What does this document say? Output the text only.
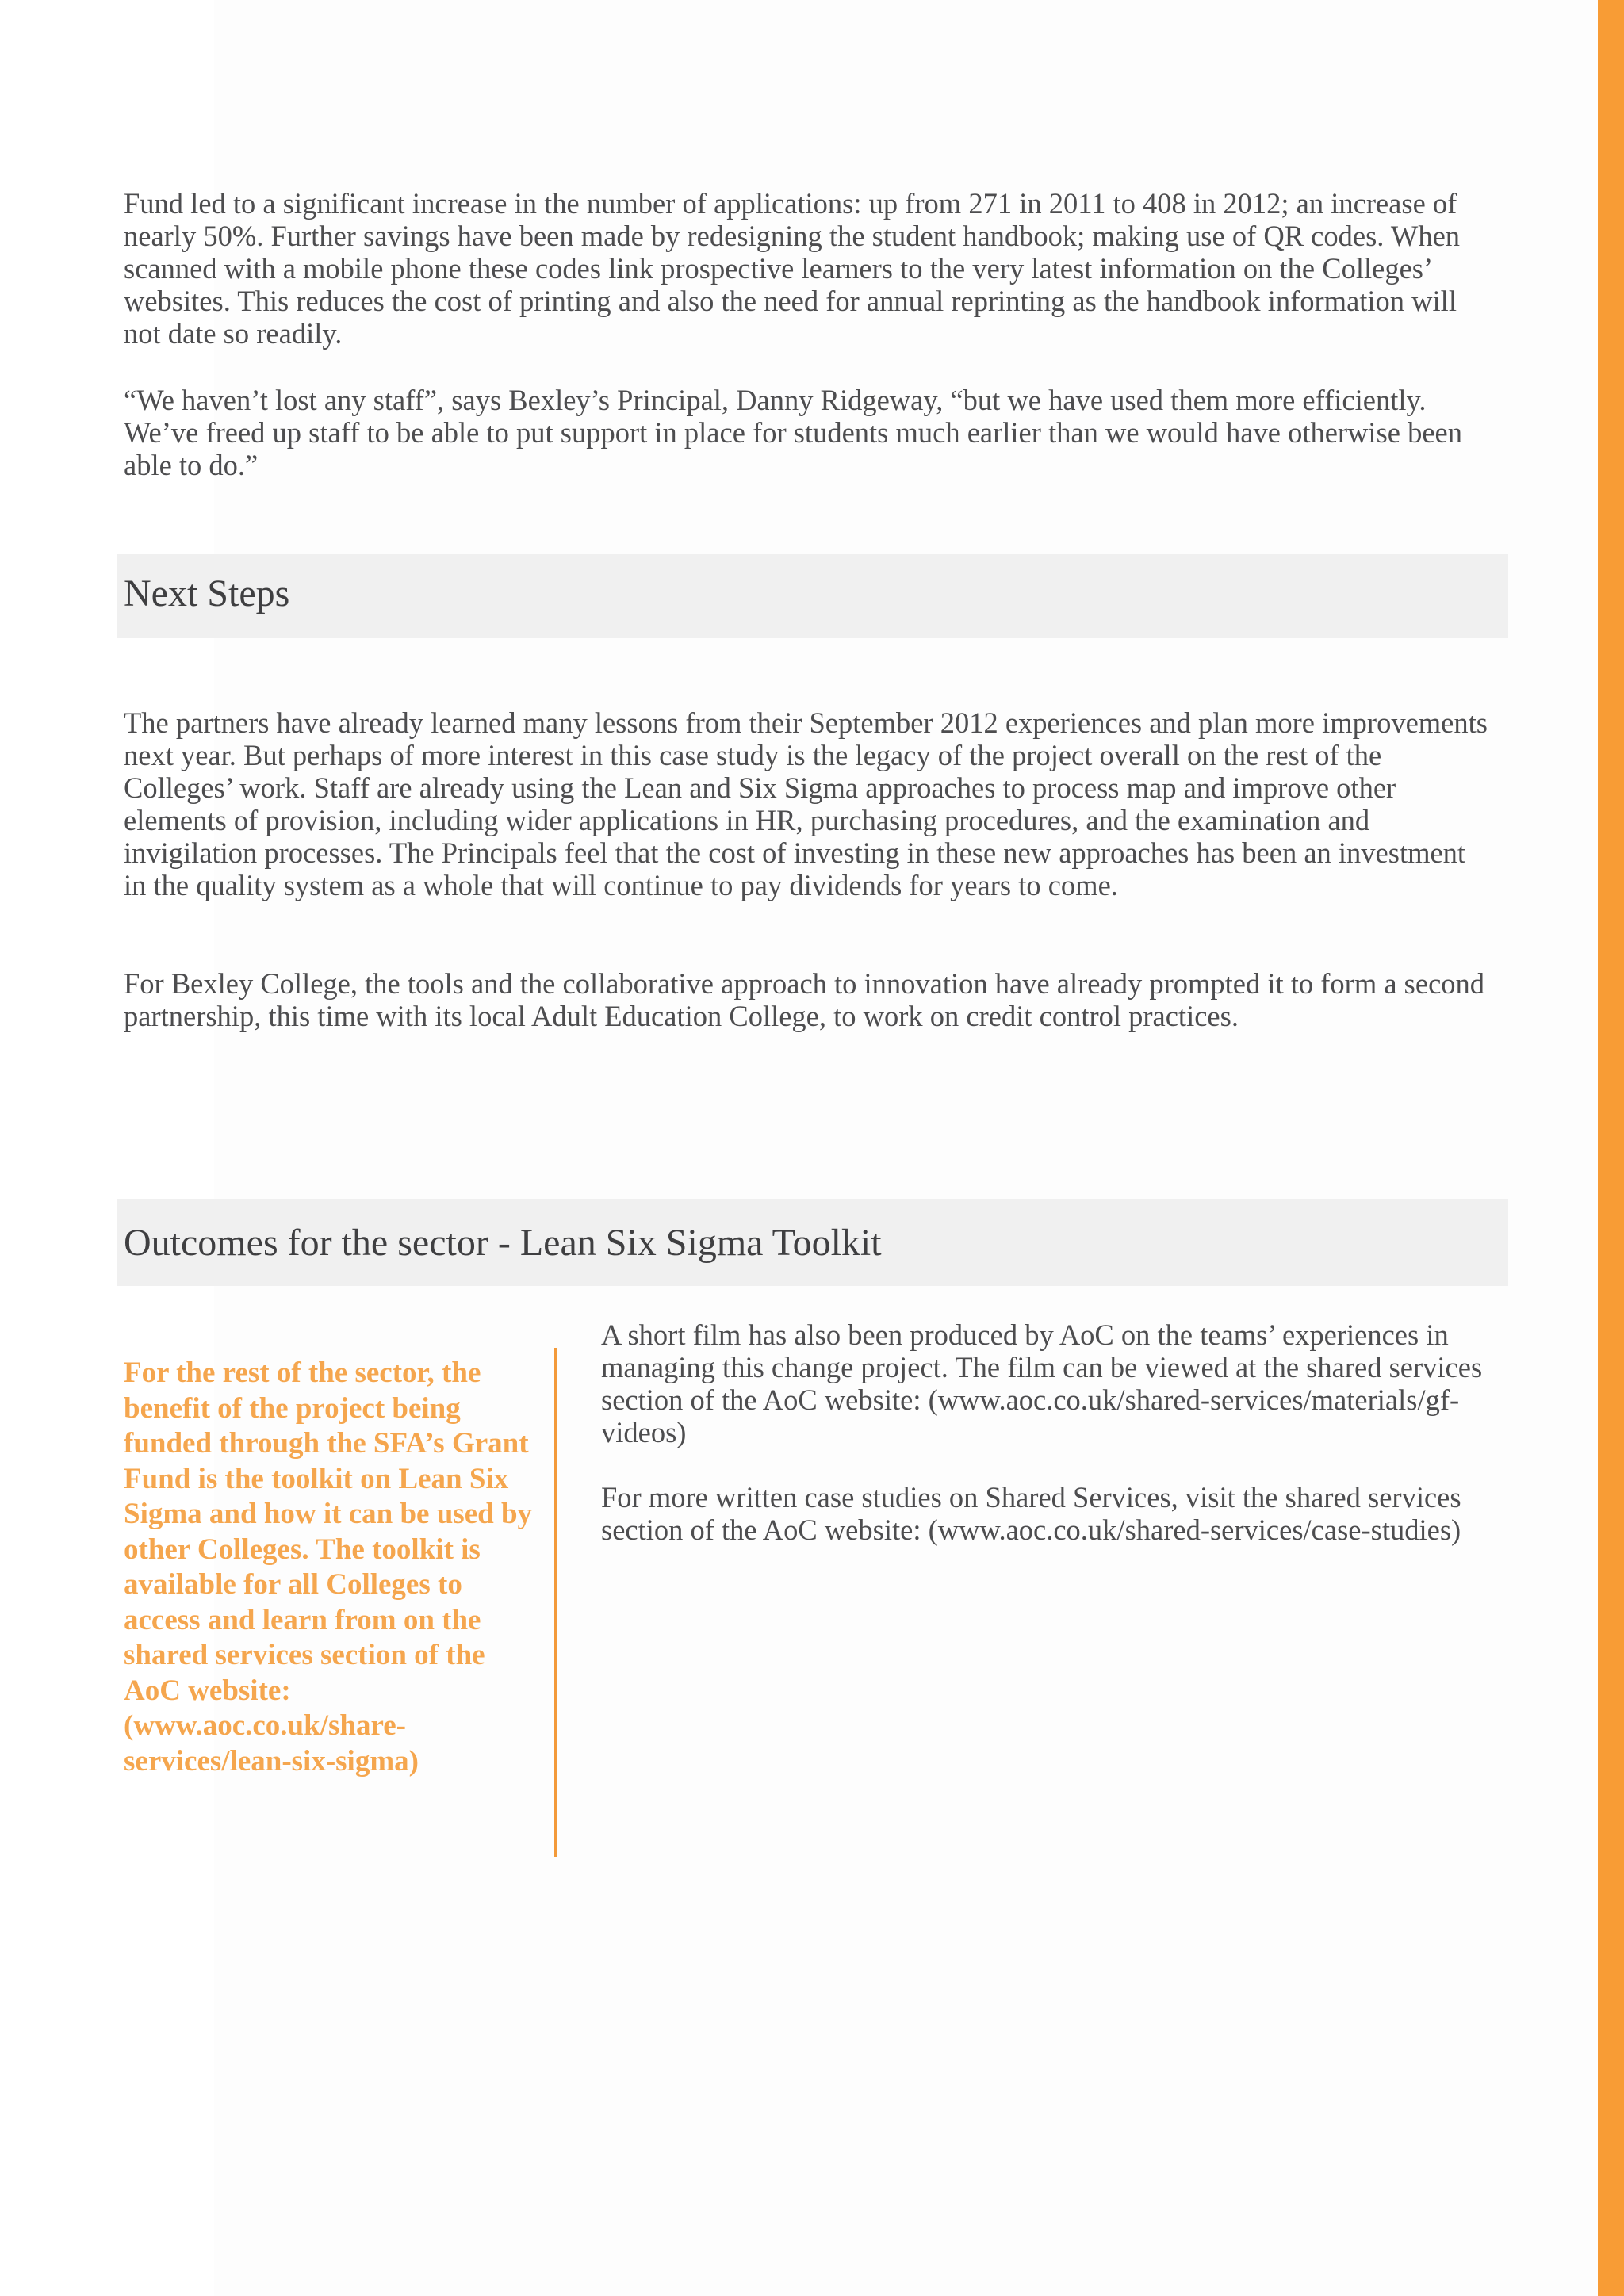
Fund led to a significant increase in the number of applications: up from 271 in 2011 to 408 in 2012; an increase of nearly 50%. Further savings have been made by redesigning the student handbook; making use of QR codes. When scanned with a mobile phone these codes link prospective learners to the very latest information on the Colleges’ websites. This reduces the cost of printing and also the need for annual reprinting as the handbook information will not date so readily.

“We haven’t lost any staff”, says Bexley’s Principal, Danny Ridgeway, “but we have used them more efficiently. We’ve freed up staff to be able to put support in place for students much earlier than we would have otherwise been able to do.”

Next Steps

The partners have already learned many lessons from their September 2012 experiences and plan more improvements next year. But perhaps of more interest in this case study is the legacy of the project overall on the rest of the Colleges’ work. Staff are already using the Lean and Six Sigma approaches to process map and improve other elements of provision, including wider applications in HR, purchasing procedures, and the examination and invigilation processes. The Principals feel that the cost of investing in these new approaches has been an investment in the quality system as a whole that will continue to pay dividends for years to come.

For Bexley College, the tools and the collaborative approach to innovation have already prompted it to form a second partnership, this time with its local Adult Education College, to work on credit control practices.

Outcomes for the sector - Lean Six Sigma Toolkit

For the rest of the sector, the benefit of the project being funded through the SFA’s Grant Fund is the toolkit on Lean Six Sigma and how it can be used by other Colleges. The toolkit is available for all Colleges to access and learn from on the shared services section of the AoC website: (www.aoc.co.uk/share-services/lean-six-sigma)

A short film has also been produced by AoC on the teams’ experiences in managing this change project. The film can be viewed at the shared services section of the AoC website: (www.aoc.co.uk/shared-services/materials/gf-videos)

For more written case studies on Shared Services, visit the shared services section of the AoC website: (www.aoc.co.uk/shared-services/case-studies)
